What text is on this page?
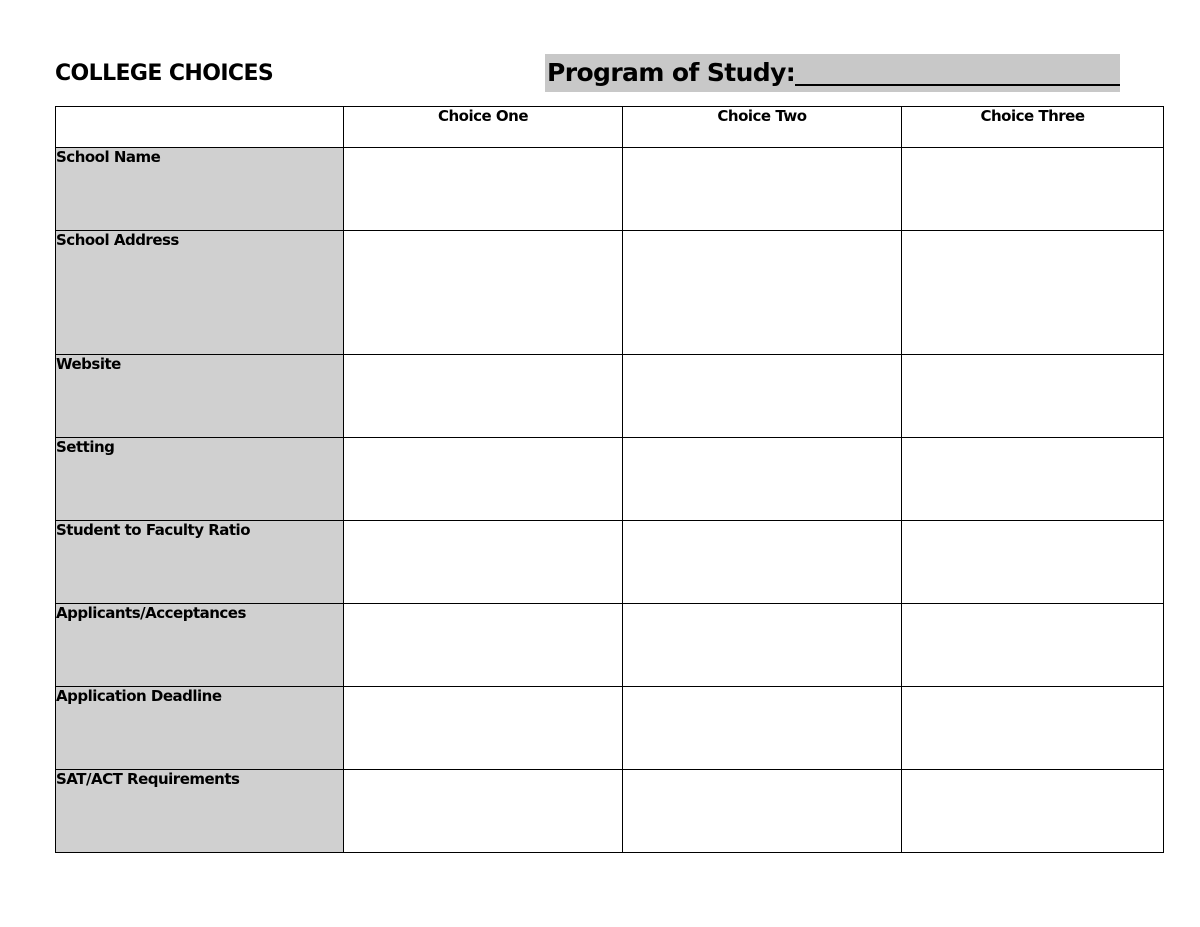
COLLEGE CHOICES	Program of Study:
	Choice One	Choice Two	Choice Three
School Name			
School Address			
Website			
Setting			
Student to Faculty Ratio			
Applicants/Acceptances			
Application Deadline			
SAT/ACT Requirements			
